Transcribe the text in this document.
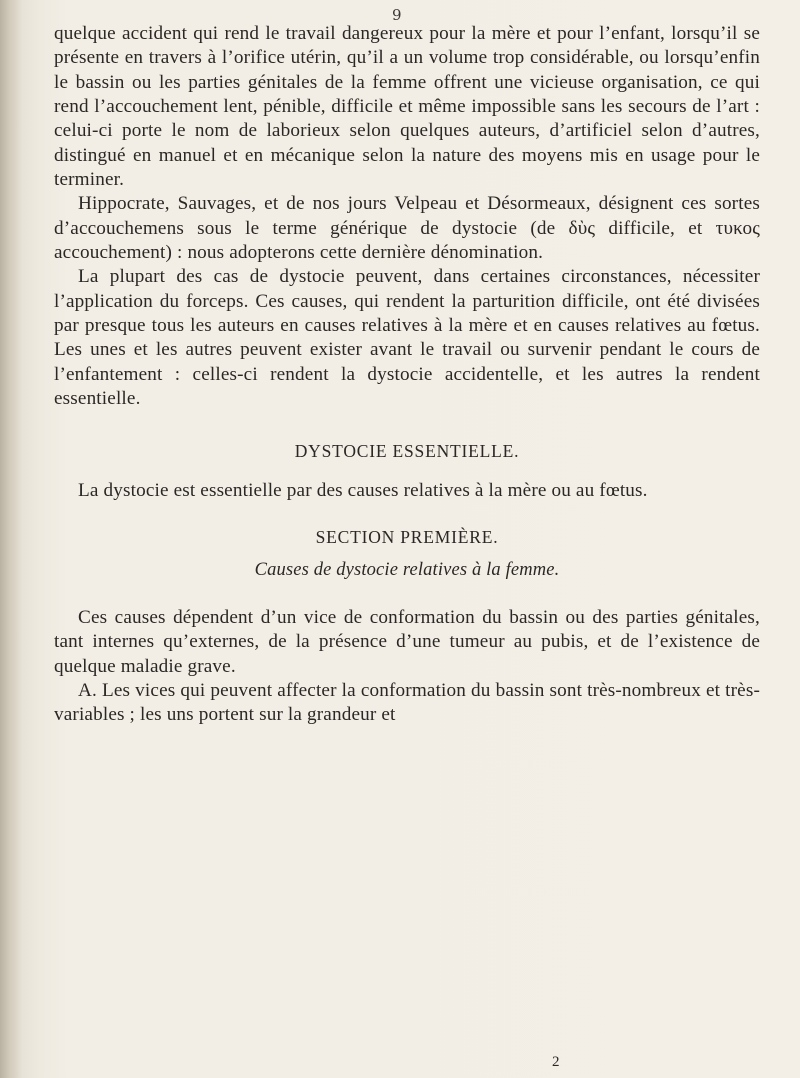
9

quelque accident qui rend le travail dangereux pour la mère et pour l’enfant, lorsqu’il se présente en travers à l’orifice utérin, qu’il a un volume trop considérable, ou lorsqu’enfin le bassin ou les parties génitales de la femme offrent une vicieuse organisation, ce qui rend l’accouchement lent, pénible, difficile et même impossible sans les secours de l’art : celui-ci porte le nom de laborieux selon quelques auteurs, d’artificiel selon d’autres, distingué en manuel et en mécanique selon la nature des moyens mis en usage pour le terminer.

Hippocrate, Sauvages, et de nos jours Velpeau et Désormeaux, désignent ces sortes d’accouchemens sous le terme générique de dystocie (de δὺς difficile, et τυκος accouchement) : nous adopterons cette dernière dénomination.

La plupart des cas de dystocie peuvent, dans certaines circonstances, nécessiter l’application du forceps. Ces causes, qui rendent la parturition difficile, ont été divisées par presque tous les auteurs en causes relatives à la mère et en causes relatives au fœtus. Les unes et les autres peuvent exister avant le travail ou survenir pendant le cours de l’enfantement : celles-ci rendent la dystocie accidentelle, et les autres la rendent essentielle.

DYSTOCIE ESSENTIELLE.

La dystocie est essentielle par des causes relatives à la mère ou au fœtus.

SECTION PREMIÈRE.

Causes de dystocie relatives à la femme.

Ces causes dépendent d’un vice de conformation du bassin ou des parties génitales, tant internes qu’externes, de la présence d’une tumeur au pubis, et de l’existence de quelque maladie grave.

A. Les vices qui peuvent affecter la conformation du bassin sont très-nombreux et très-variables ; les uns portent sur la grandeur et

2
